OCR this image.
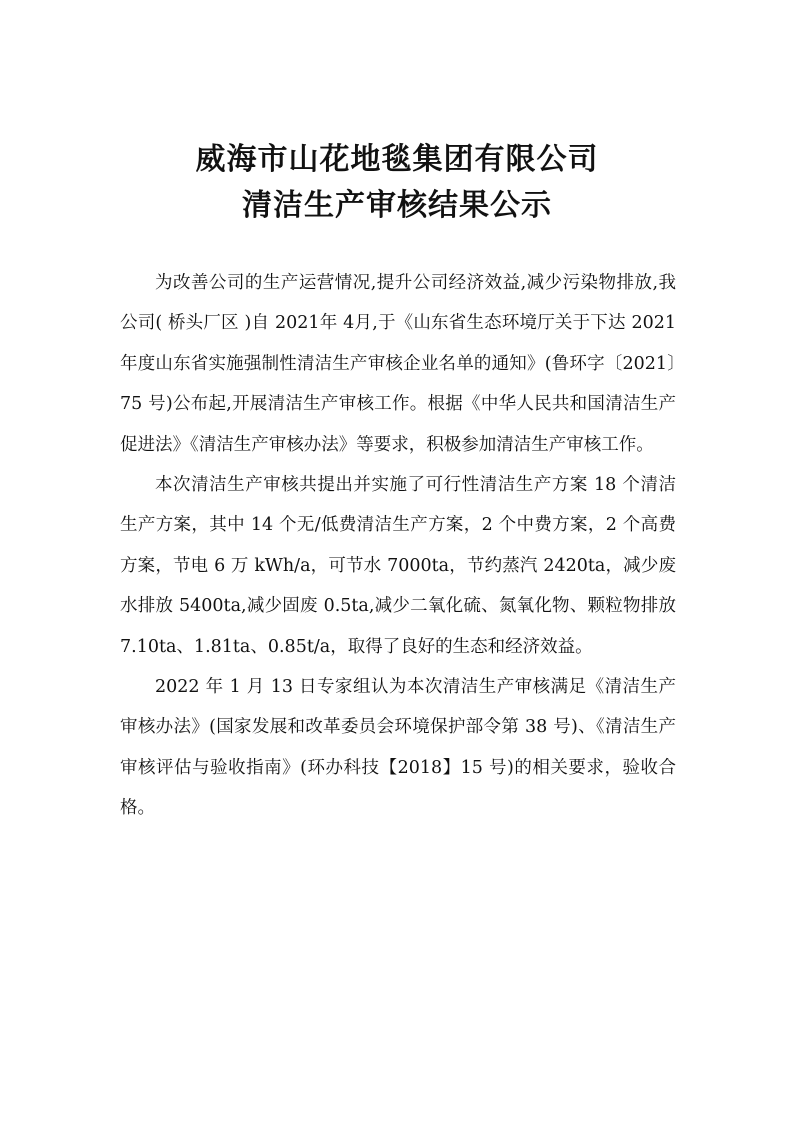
威海市山花地毯集团有限公司
清洁生产审核结果公示

为改善公司的生产运营情况,提升公司经济效益,减少污染物排放,我公司( 桥头厂区 )自 2021年 4月,于《山东省生态环境厅关于下达 2021 年度山东省实施强制性清洁生产审核企业名单的通知》(鲁环字〔2021〕75 号)公布起,开展清洁生产审核工作。根据《中华人民共和国清洁生产促进法》《清洁生产审核办法》等要求，积极参加清洁生产审核工作。

本次清洁生产审核共提出并实施了可行性清洁生产方案 18 个清洁生产方案，其中 14 个无/低费清洁生产方案，2 个中费方案，2 个高费方案，节电 6 万 kWh/a，可节水 7000ta，节约蒸汽 2420ta，减少废水排放 5400ta,减少固废 0.5ta,减少二氧化硫、氮氧化物、颗粒物排放 7.10ta、1.81ta、0.85t/a，取得了良好的生态和经济效益。

2022 年 1 月 13 日专家组认为本次清洁生产审核满足《清洁生产审核办法》(国家发展和改革委员会环境保护部令第 38 号)、《清洁生产审核评估与验收指南》(环办科技【2018】15 号)的相关要求，验收合格。
